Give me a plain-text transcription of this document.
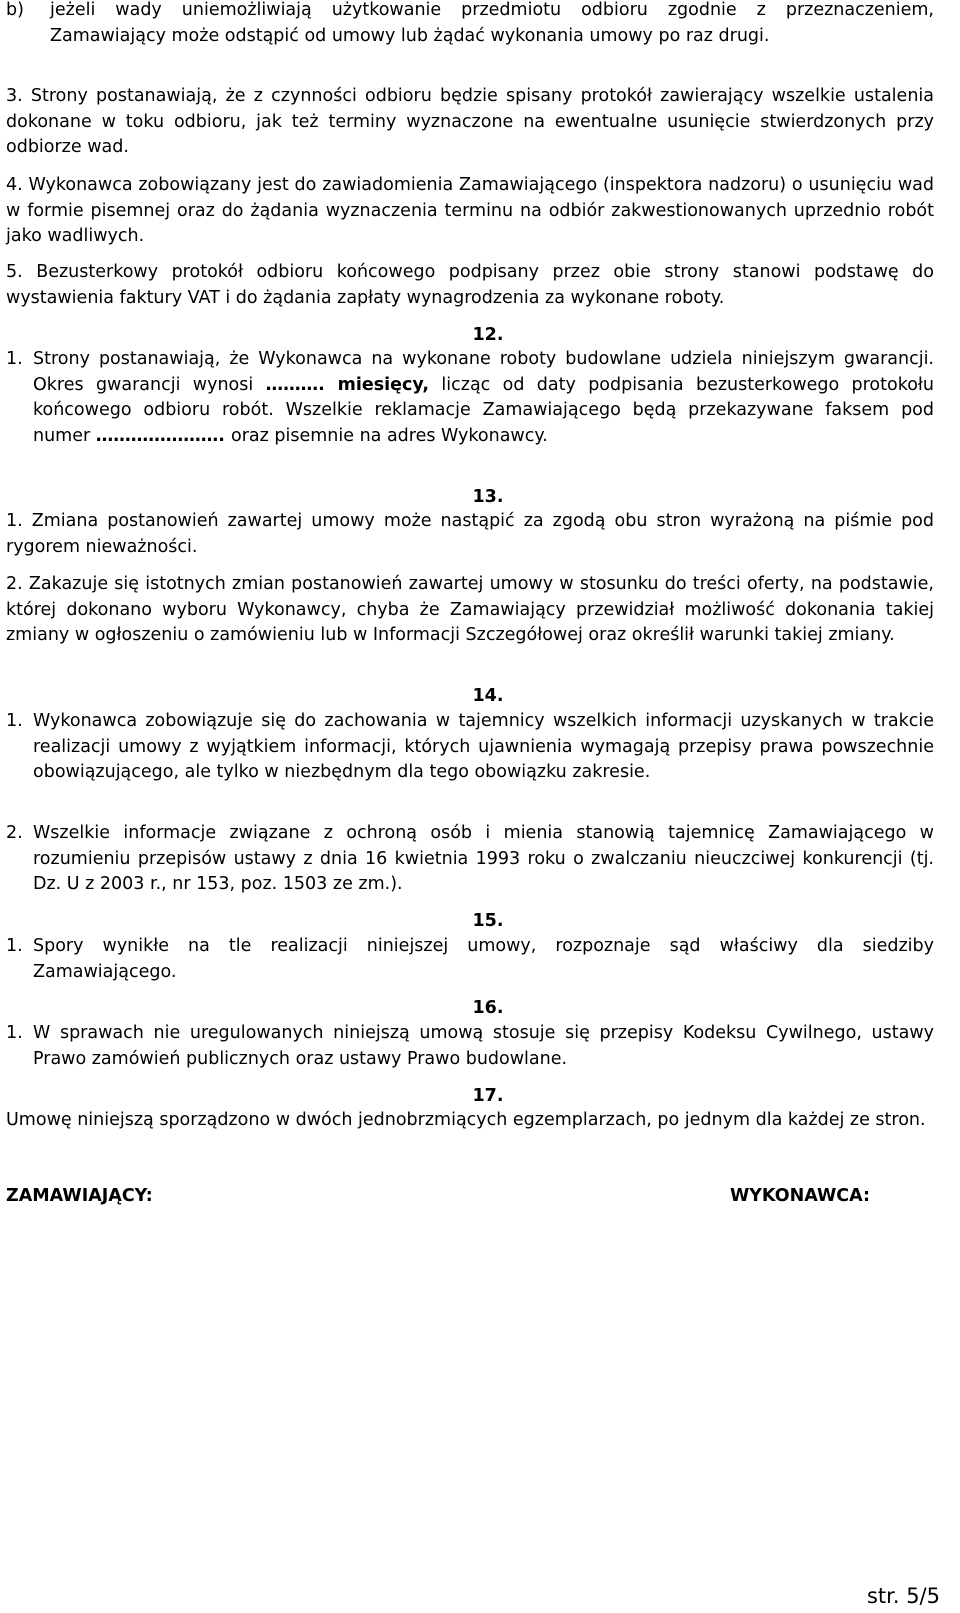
b)	jeżeli wady uniemożliwiają użytkowanie przedmiotu odbioru zgodnie z przeznaczeniem, Zamawiający może odstąpić od umowy lub żądać wykonania umowy po raz drugi.

3. Strony postanawiają, że z czynności odbioru będzie spisany protokół zawierający wszelkie ustalenia dokonane w toku odbioru, jak też terminy wyznaczone na ewentualne usunięcie stwierdzonych przy odbiorze wad.

4. Wykonawca zobowiązany jest do zawiadomienia Zamawiającego (inspektora nadzoru) o usunięciu wad w formie pisemnej oraz do żądania wyznaczenia terminu na odbiór zakwestionowanych uprzednio robót jako wadliwych.

5. Bezusterkowy protokół odbioru końcowego podpisany przez obie strony stanowi podstawę do wystawienia faktury VAT i do żądania zapłaty wynagrodzenia za wykonane roboty.

12.

1. Strony postanawiają, że Wykonawca na wykonane roboty budowlane udziela niniejszym gwarancji. Okres gwarancji wynosi ………. miesięcy, licząc od daty podpisania bezusterkowego protokołu końcowego odbioru robót. Wszelkie reklamacje Zamawiającego będą przekazywane faksem pod numer …………………. oraz pisemnie na adres Wykonawcy.

13.

1. Zmiana postanowień zawartej umowy może nastąpić za zgodą obu stron wyrażoną na piśmie pod rygorem nieważności.

2. Zakazuje się istotnych zmian postanowień zawartej umowy w stosunku do treści oferty, na podstawie, której dokonano wyboru Wykonawcy, chyba że Zamawiający przewidział możliwość dokonania takiej zmiany w ogłoszeniu o zamówieniu lub w Informacji Szczegółowej oraz określił warunki takiej zmiany.

14.

1. Wykonawca zobowiązuje się do zachowania w tajemnicy wszelkich informacji uzyskanych w trakcie realizacji umowy z wyjątkiem informacji, których ujawnienia wymagają przepisy prawa powszechnie obowiązującego, ale tylko w niezbędnym dla tego obowiązku zakresie.
2. Wszelkie informacje związane z ochroną osób i mienia stanowią tajemnicę Zamawiającego w rozumieniu przepisów ustawy z dnia 16 kwietnia 1993 roku o zwalczaniu nieuczciwej konkurencji (tj. Dz. U z 2003 r., nr 153, poz. 1503 ze zm.).

15.

1. Spory wynikłe na tle realizacji niniejszej umowy, rozpoznaje sąd właściwy dla siedziby Zamawiającego.

16.

1. W sprawach nie uregulowanych niniejszą umową stosuje się przepisy Kodeksu Cywilnego, ustawy Prawo zamówień publicznych oraz ustawy Prawo budowlane.

17.

Umowę niniejszą sporządzono w dwóch jednobrzmiących egzemplarzach, po jednym dla każdej ze stron.

ZAMAWIAJĄCY:	WYKONAWCA:
str. 5/5
